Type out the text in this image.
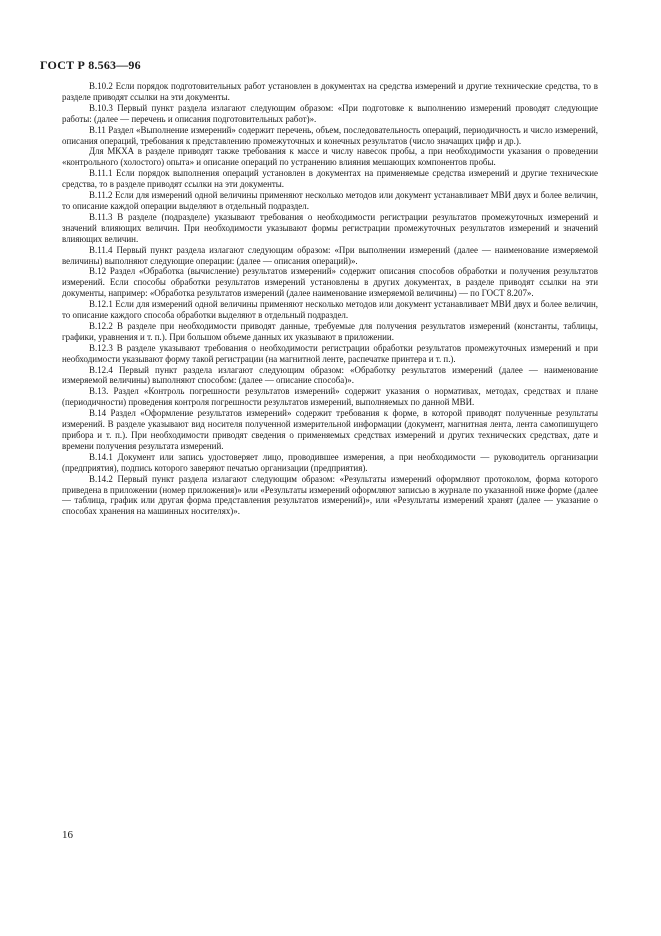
ГОСТ Р 8.563—96

В.10.2 Если порядок подготовительных работ установлен в документах на средства измерений и другие технические средства, то в разделе приводят ссылки на эти документы.

В.10.3 Первый пункт раздела излагают следующим образом: «При подготовке к выполнению измерений проводят следующие работы: (далее — перечень и описания подготовительных работ)».

В.11 Раздел «Выполнение измерений» содержит перечень, объем, последовательность операций, периодичность и число измерений, описания операций, требования к представлению промежуточных и конечных результатов (число значащих цифр и др.).

Для МКХА в разделе приводят также требования к массе и числу навесок пробы, а при необходимости указания о проведении «контрольного (холостого) опыта» и описание операций по устранению влияния мешающих компонентов пробы.

В.11.1 Если порядок выполнения операций установлен в документах на применяемые средства измерений и другие технические средства, то в разделе приводят ссылки на эти документы.

В.11.2 Если для измерений одной величины применяют несколько методов или документ устанавливает МВИ двух и более величин, то описание каждой операции выделяют в отдельный подраздел.

В.11.3 В разделе (подразделе) указывают требования о необходимости регистрации результатов промежуточных измерений и значений влияющих величин. При необходимости указывают формы регистрации промежуточных результатов измерений и значений влияющих величин.

В.11.4 Первый пункт раздела излагают следующим образом: «При выполнении измерений (далее — наименование измеряемой величины) выполняют следующие операции: (далее — описания операций)».

В.12 Раздел «Обработка (вычисление) результатов измерений» содержит описания способов обработки и получения результатов измерений. Если способы обработки результатов измерений установлены в других документах, в разделе приводят ссылки на эти документы, например: «Обработка результатов измерений (далее наименование измеряемой величины) — по ГОСТ 8.207».

В.12.1 Если для измерений одной величины применяют несколько методов или документ устанавливает МВИ двух и более величин, то описание каждого способа обработки выделяют в отдельный подраздел.

В.12.2 В разделе при необходимости приводят данные, требуемые для получения результатов измерений (константы, таблицы, графики, уравнения и т. п.). При большом объеме данных их указывают в приложении.

В.12.3 В разделе указывают требования о необходимости регистрации обработки результатов промежуточных измерений и при необходимости указывают форму такой регистрации (на магнитной ленте, распечатке принтера и т. п.).

В.12.4 Первый пункт раздела излагают следующим образом: «Обработку результатов измерений (далее — наименование измеряемой величины) выполняют способом: (далее — описание способа)».

В.13. Раздел «Контроль погрешности результатов измерений» содержит указания о нормативах, методах, средствах и плане (периодичности) проведения контроля погрешности результатов измерений, выполняемых по данной МВИ.

В.14 Раздел «Оформление результатов измерений» содержит требования к форме, в которой приводят полученные результаты измерений. В разделе указывают вид носителя полученной измерительной информации (документ, магнитная лента, лента самопишущего прибора и т. п.). При необходимости приводят сведения о применяемых средствах измерений и других технических средствах, дате и времени получения результата измерений.

В.14.1 Документ или запись удостоверяет лицо, проводившее измерения, а при необходимости — руководитель организации (предприятия), подпись которого заверяют печатью организации (предприятия).

В.14.2 Первый пункт раздела излагают следующим образом: «Результаты измерений оформляют протоколом, форма которого приведена в приложении (номер приложения)» или «Результаты измерений оформляют записью в журнале по указанной ниже форме (далее — таблица, график или другая форма представления результатов измерений)», или «Результаты измерений хранят (далее — указание о способах хранения на машинных носителях)».

16
